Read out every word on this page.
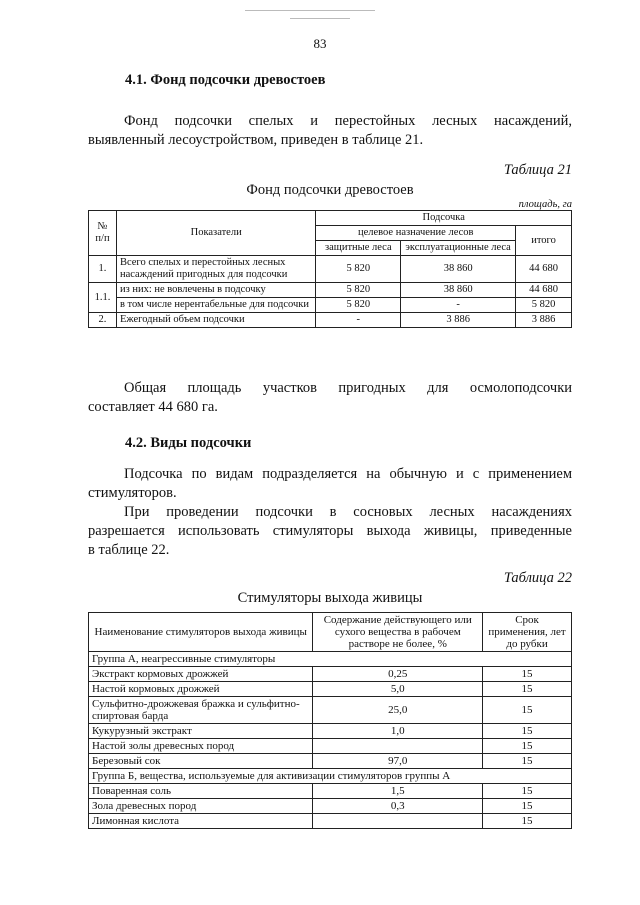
83
4.1. Фонд подсочки древостоев
Фонд подсочки спелых и перестойных лесных насаждений,
выявленный лесоустройством, приведен в таблице 21.
Таблица 21
Фонд подсочки древостоев
площадь, га
№ п/п	Показатели	Подсочка		
		целевое назначение лесов		итого
		защитные леса	эксплуатационные леса	
1.	Всего спелых и перестойных лесных насаждений пригодных для подсочки	5 820	38 860	44 680
1.1.	из них: не вовлечены в подсочку	5 820	38 860	44 680
	в том числе нерентабельные для подсочки	5 820	-	5 820
2.	Ежегодный объем подсочки	-	3 886	3 886
Общая площадь участков пригодных для осмолоподсочки
составляет 44 680 га.
4.2. Виды подсочки
Подсочка по видам подразделяется на обычную и с применением
стимуляторов.
При проведении подсочки в сосновых лесных насаждениях
разрешается использовать стимуляторы выхода живицы, приведенные
в таблице 22.
Таблица 22
Стимуляторы выхода живицы
Наименование стимуляторов выхода живицы	Содержание действующего или сухого вещества в рабочем растворе не более, %	Срок применения, лет до рубки
Группа А, неагрессивные стимуляторы		
Экстракт кормовых дрожжей	0,25	15
Настой кормовых дрожжей	5,0	15
Сульфитно-дрожжевая бражка и сульфитно-спиртовая барда	25,0	15
Кукурузный экстракт	1,0	15
Настой золы древесных пород		15
Березовый сок	97,0	15
Группа Б, вещества, используемые для активизации стимуляторов группы А		
Поваренная соль	1,5	15
Зола древесных пород	0,3	15
Лимонная кислота		15
